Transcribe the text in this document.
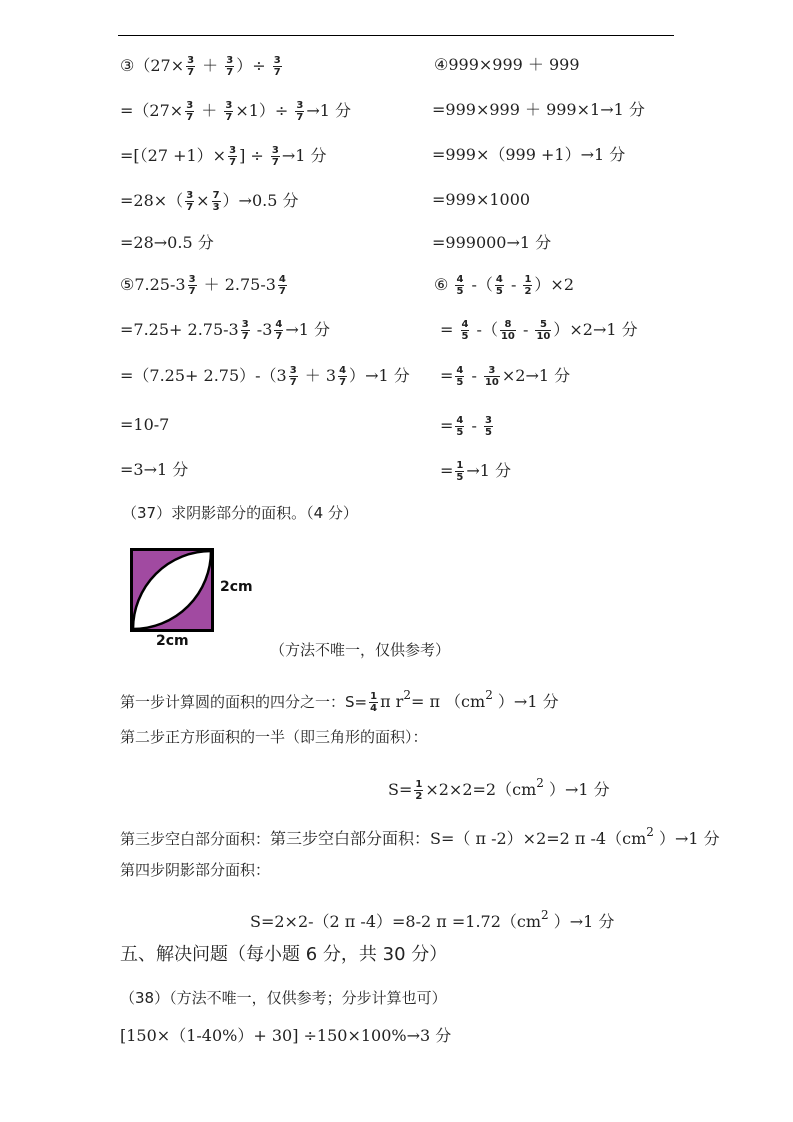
③（27× $\frac{3}{7} + \frac{3}{7}$ ）÷ $\frac{3}{7}$
$=(27\times \frac{3}{7} + \frac{3}{7} \times 1)\div \frac{3}{7} \to 1$ 分
$=[(27 +1)\times \frac{3}{7}$ ] ÷ $\frac{3}{7} \to 1$ 分
$=28\times( \frac{3}{7} \times \frac{7}{3} )\to 0.5$ 分
=28→0.5 分
④999×999 ＋ 999
=999×999 ＋ 999×1→1 分
=999×（999 +1）→1 分
=999×1000
=999000→1 分
⑤7.25-3 $\frac{3}{7} + 2.75-3 \frac{4}{7}$
$=7.25+ 2.75-3 \frac{3}{7} -3 \frac{4}{7} \to 1$ 分
$=(7.25+ 2.75)-(3 \frac{3}{7} + 3 \frac{4}{7} )\to 1$ 分
=10-7
=3→1 分
⑥ $\frac{4}{5}$ -（ $\frac{4}{5} - \frac{1}{2} )\times 2$
= $\frac{4}{5}$ -（ $\frac{8}{10} - \frac{5}{10} )\times 2\to 1$ 分
= $\frac{4}{5} - \frac{3}{10} \times 2\to 1$ 分
= $\frac{4}{5} - \frac{3}{5}$
= $\frac{1}{5} \to 1$ 分
（37）求阴影部分的面积。（4 分）
2cm
2cm	（方法不唯一，仅供参考）
第一步计算圆的面积的四分之一：$S= \frac{1}{4}$ π $r^2= \pi$ （$cm^2$ ）→1 分
第二步正方形面积的一半（即三角形的面积）：
$S= \frac{1}{2} \times 2\times 2=2(cm^2$ ）→1 分
第三步空白部分面积：第三步空白部分面积：S=（ π -2）×2=2 π $-4(cm^2$ ）→1 分
第四步阴影部分面积：
S=2×2-（2 π -4）=8-2 $\pi =1.72(cm^2$ ）→1 分
五、解决问题（每小题 6 分，共 30 分）
（38）（方法不唯一，仅供参考；分步计算也可）
[150×（1-40%）+ 30] ÷150×100%→3 分
